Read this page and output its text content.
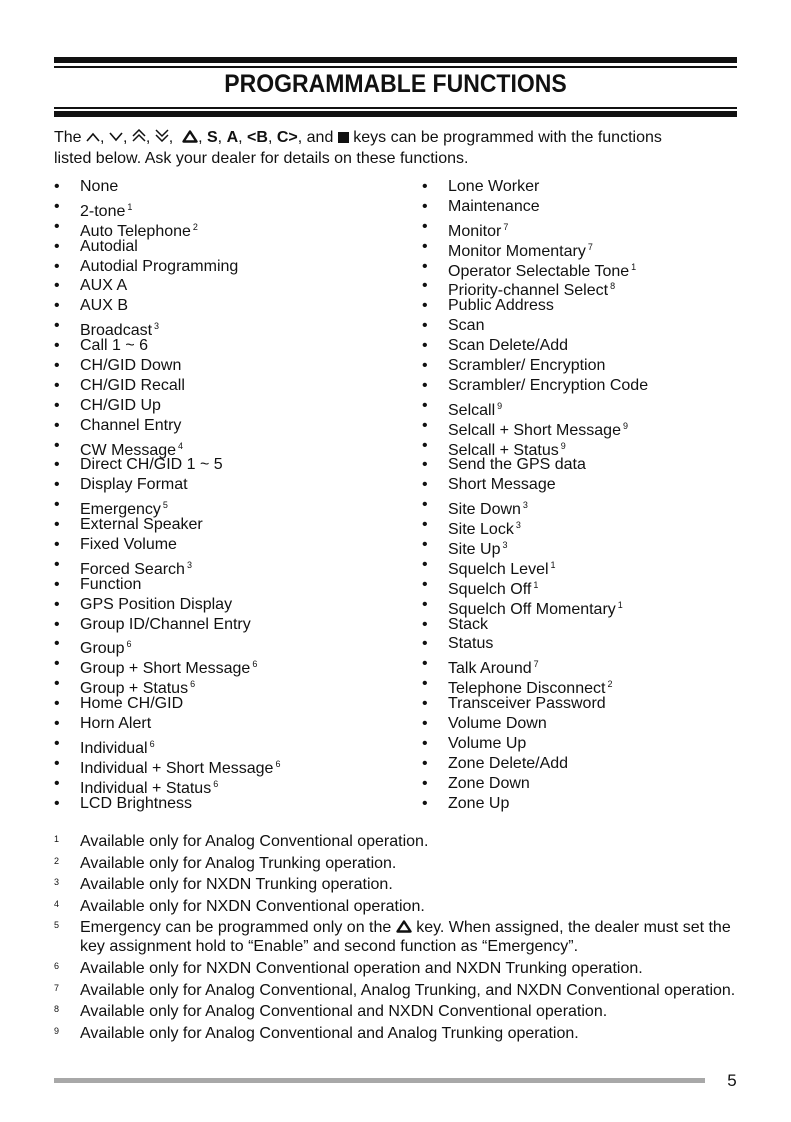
PROGRAMMABLE FUNCTIONS

The , , , , , S, A, <B, C>, and keys can be programmed with the functions
listed below. Ask your dealer for details on these functions.

• None
• 2-tone $^1$
• Auto Telephone $^2$
• Autodial
• Autodial Programming
• AUX A
• AUX B
• Broadcast $^3$
• Call 1 ~ 6
• CH/GID Down
• CH/GID Recall
• CH/GID Up
• Channel Entry
• CW Message $^4$
• Direct CH/GID 1 ~ 5
• Display Format
• Emergency $^5$
• External Speaker
• Fixed Volume
• Forced Search $^3$
• Function
• GPS Position Display
• Group ID/Channel Entry
• Group $^6$
• Group + Short Message $^6$
• Group + Status $^6$
• Home CH/GID
• Horn Alert
• Individual $^6$
• Individual + Short Message $^6$
• Individual + Status $^6$
• LCD Brightness
• Lone Worker
• Maintenance
• Monitor $^7$
• Monitor Momentary $^7$
• Operator Selectable Tone $^1$
• Priority-channel Select $^8$
• Public Address
• Scan
• Scan Delete/Add
• Scrambler/ Encryption
• Scrambler/ Encryption Code
• Selcall $^9$
• Selcall + Short Message $^9$
• Selcall + Status $^9$
• Send the GPS data
• Short Message
• Site Down $^3$
• Site Lock $^3$
• Site Up $^3$
• Squelch Level $^1$
• Squelch Off $^1$
• Squelch Off Momentary $^1$
• Stack
• Status
• Talk Around $^7$
• Telephone Disconnect $^2$
• Transceiver Password
• Volume Down
• Volume Up
• Zone Delete/Add
• Zone Down
• Zone Up
1 Available only for Analog Conventional operation.
2 Available only for Analog Trunking operation.
3 Available only for NXDN Trunking operation.
4 Available only for NXDN Conventional operation.
5 Emergency can be programmed only on the key. When assigned, the dealer must set the key assignment hold to “Enable” and second function as “Emergency”.
6 Available only for NXDN Conventional operation and NXDN Trunking operation.
7 Available only for Analog Conventional, Analog Trunking, and NXDN Conventional operation.
8 Available only for Analog Conventional and NXDN Conventional operation.
9 Available only for Analog Conventional and Analog Trunking operation.
5
